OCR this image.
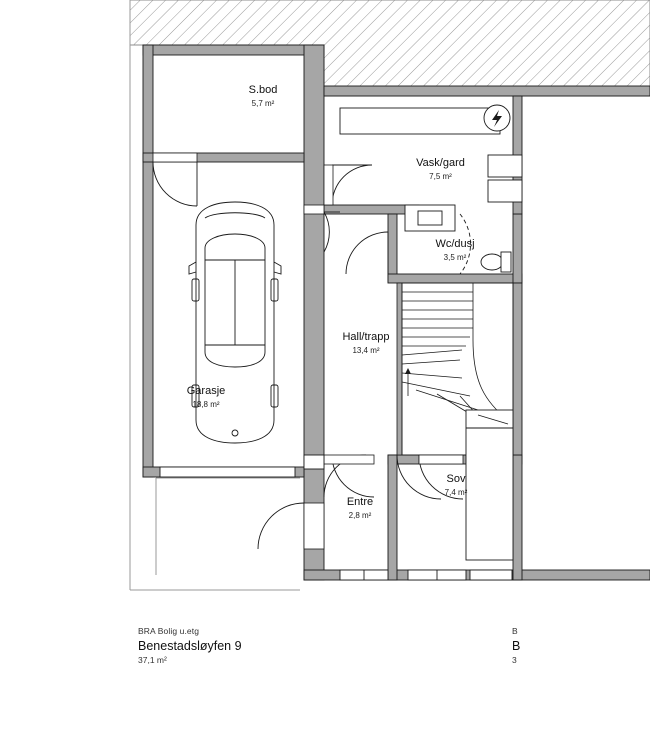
S.bod
5,7 m²
Vask/gard
7,5 m²
Wc/dusj
3,5 m²
Hall/trapp
13,4 m²
Garasje
18,8 m²
Sov
7,4 m²
Entre
2,8 m²
BRA Bolig u.etg
Benestadsløyfen 9
37,1 m²
B
B
3
